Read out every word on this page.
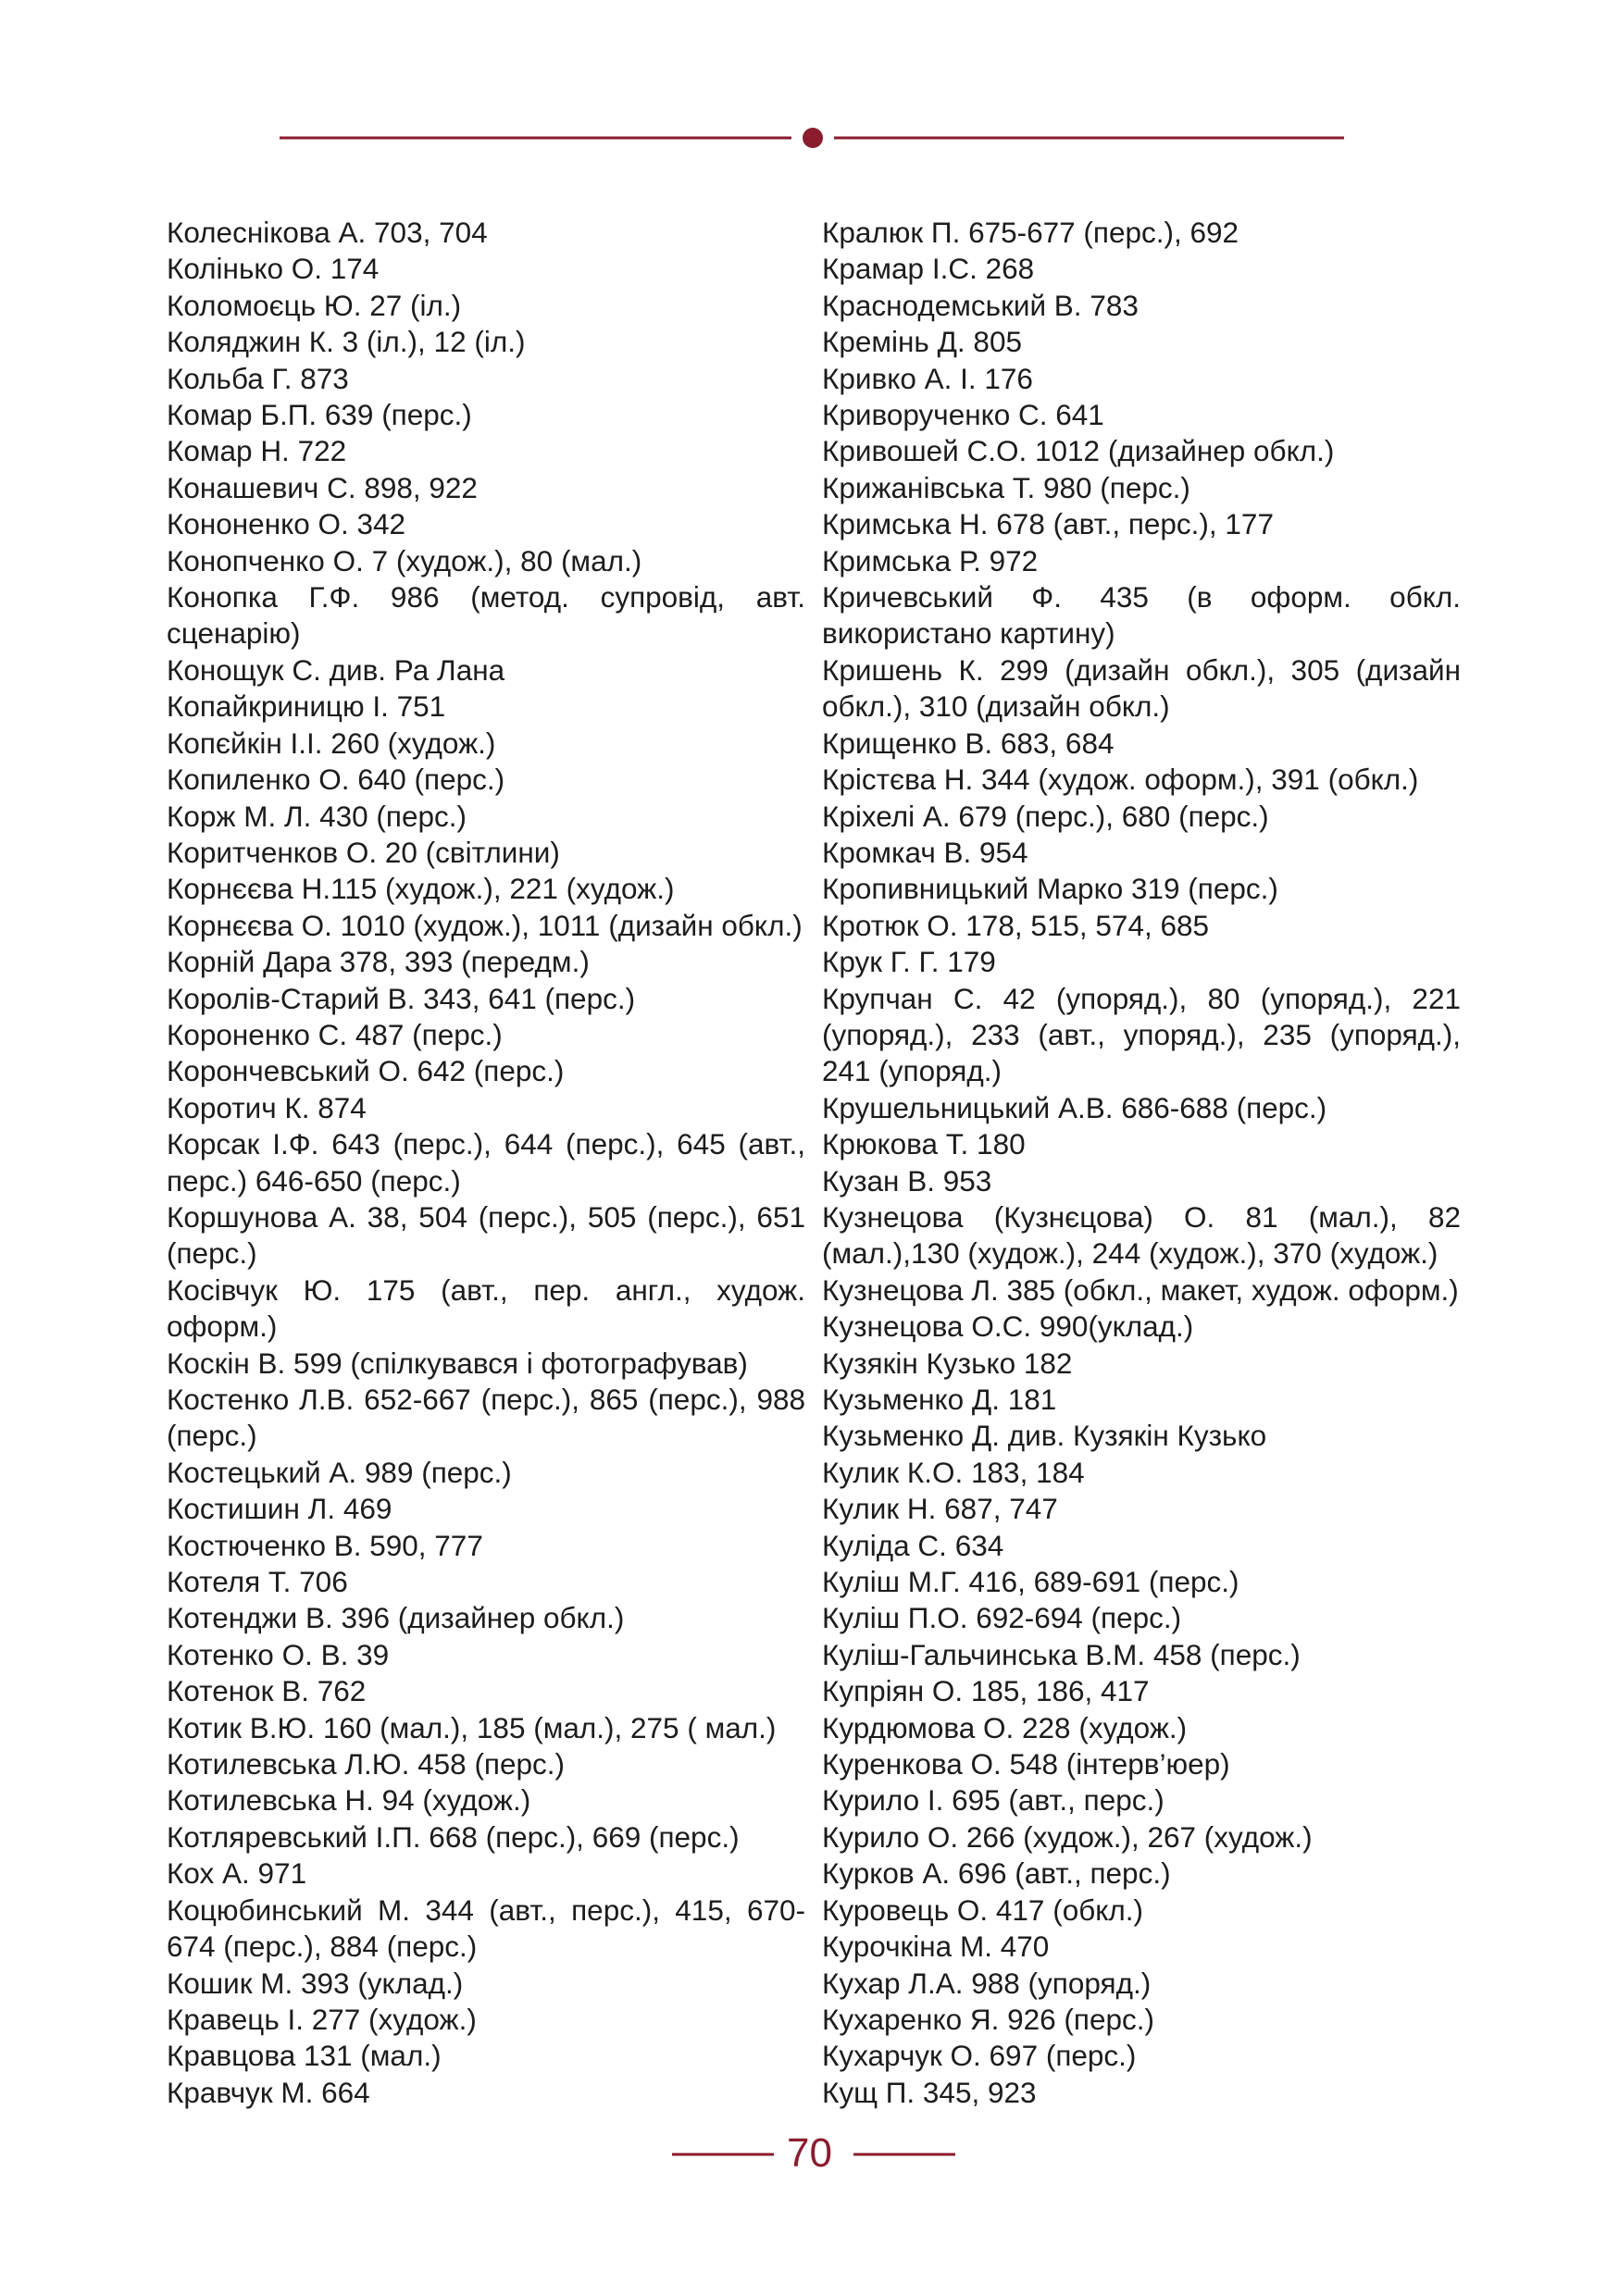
Колеснікова А. 703, 704
Колінько О. 174
Коломоєць Ю. 27 (іл.)
Коляджин К. 3 (іл.), 12 (іл.)
Кольба Г. 873
Комар Б.П. 639 (перс.)
Комар Н. 722
Конашевич С. 898, 922
Кононенко О. 342
Конопченко О. 7 (худож.), 80 (мал.)
Конопка Г.Ф. 986 (метод. супровід, авт. сценарію)
Конощук С. див. Ра Лана
Копайкриницю І. 751
Копєйкін І.І. 260 (худож.)
Копиленко О. 640 (перс.)
Корж М. Л. 430 (перс.)
Коритченков О. 20 (світлини)
Корнєєва Н.115 (худож.), 221 (худож.)
Корнєєва О. 1010 (худож.), 1011 (дизайн обкл.)
Корній Дара 378, 393 (передм.)
Королів-Старий В. 343, 641 (перс.)
Короненко С. 487 (перс.)
Корончевський О. 642 (перс.)
Коротич К. 874
Корсак І.Ф. 643 (перс.), 644 (перс.), 645 (авт., перс.) 646-650 (перс.)
Коршунова А. 38, 504 (перс.), 505 (перс.), 651 (перс.)
Косівчук Ю. 175 (авт., пер. англ., худож. оформ.)
Коскін В. 599 (спілкувався і фотографував)
Костенко Л.В. 652-667 (перс.), 865 (перс.), 988 (перс.)
Костецький А. 989 (перс.)
Костишин Л. 469
Костюченко В. 590, 777
Котеля Т. 706
Котенджи В. 396 (дизайнер обкл.)
Котенко О. В. 39
Котенок В. 762
Котик В.Ю. 160 (мал.), 185 (мал.), 275 ( мал.)
Котилевська Л.Ю. 458 (перс.)
Котилевська Н. 94 (худож.)
Котляревський І.П. 668 (перс.), 669 (перс.)
Кох А. 971
Коцюбинський М. 344 (авт., перс.), 415, 670-674 (перс.), 884 (перс.)
Кошик М. 393 (уклад.)
Кравець І. 277 (худож.)
Кравцова 131 (мал.)
Кравчук М. 664
Кралюк П. 675-677 (перс.), 692
Крамар І.С. 268
Краснодемський В. 783
Кремінь Д. 805
Кривко А. І. 176
Криворученко С. 641
Кривошей С.О. 1012 (дизайнер обкл.)
Крижанівська Т. 980 (перс.)
Кримська Н. 678 (авт., перс.), 177
Кримська Р. 972
Кричевський Ф. 435 (в оформ. обкл. використано картину)
Кришень К. 299 (дизайн обкл.), 305 (дизайн обкл.), 310 (дизайн обкл.)
Крищенко В. 683, 684
Крістєва Н. 344 (худож. оформ.), 391 (обкл.)
Кріхелі А. 679 (перс.), 680 (перс.)
Кромкач В. 954
Кропивницький Марко 319 (перс.)
Кротюк О. 178, 515, 574, 685
Крук Г. Г. 179
Крупчан С. 42 (упоряд.), 80 (упоряд.), 221 (упоряд.), 233 (авт., упоряд.), 235 (упоряд.), 241 (упоряд.)
Крушельницький А.В. 686-688 (перс.)
Крюкова Т. 180
Кузан В. 953
Кузнецова (Кузнєцова) О. 81 (мал.), 82 (мал.),130 (худож.), 244 (худож.), 370 (худож.)
Кузнецова Л. 385 (обкл., макет, худож. оформ.)
Кузнецова О.С. 990(уклад.)
Кузякін Кузько 182
Кузьменко Д. 181
Кузьменко Д. див. Кузякін Кузько
Кулик К.О. 183, 184
Кулик Н. 687, 747
Куліда С. 634
Куліш М.Г. 416, 689-691 (перс.)
Куліш П.О. 692-694 (перс.)
Куліш-Гальчинська В.М. 458 (перс.)
Купріян О. 185, 186, 417
Курдюмова О. 228 (худож.)
Куренкова О. 548 (інтерв’юер)
Курило І. 695 (авт., перс.)
Курило О. 266 (худож.), 267 (худож.)
Курков А. 696 (авт., перс.)
Куровець О. 417 (обкл.)
Курочкіна М. 470
Кухар Л.А. 988 (упоряд.)
Кухаренко Я. 926 (перс.)
Кухарчук О. 697 (перс.)
Кущ П. 345, 923
70
